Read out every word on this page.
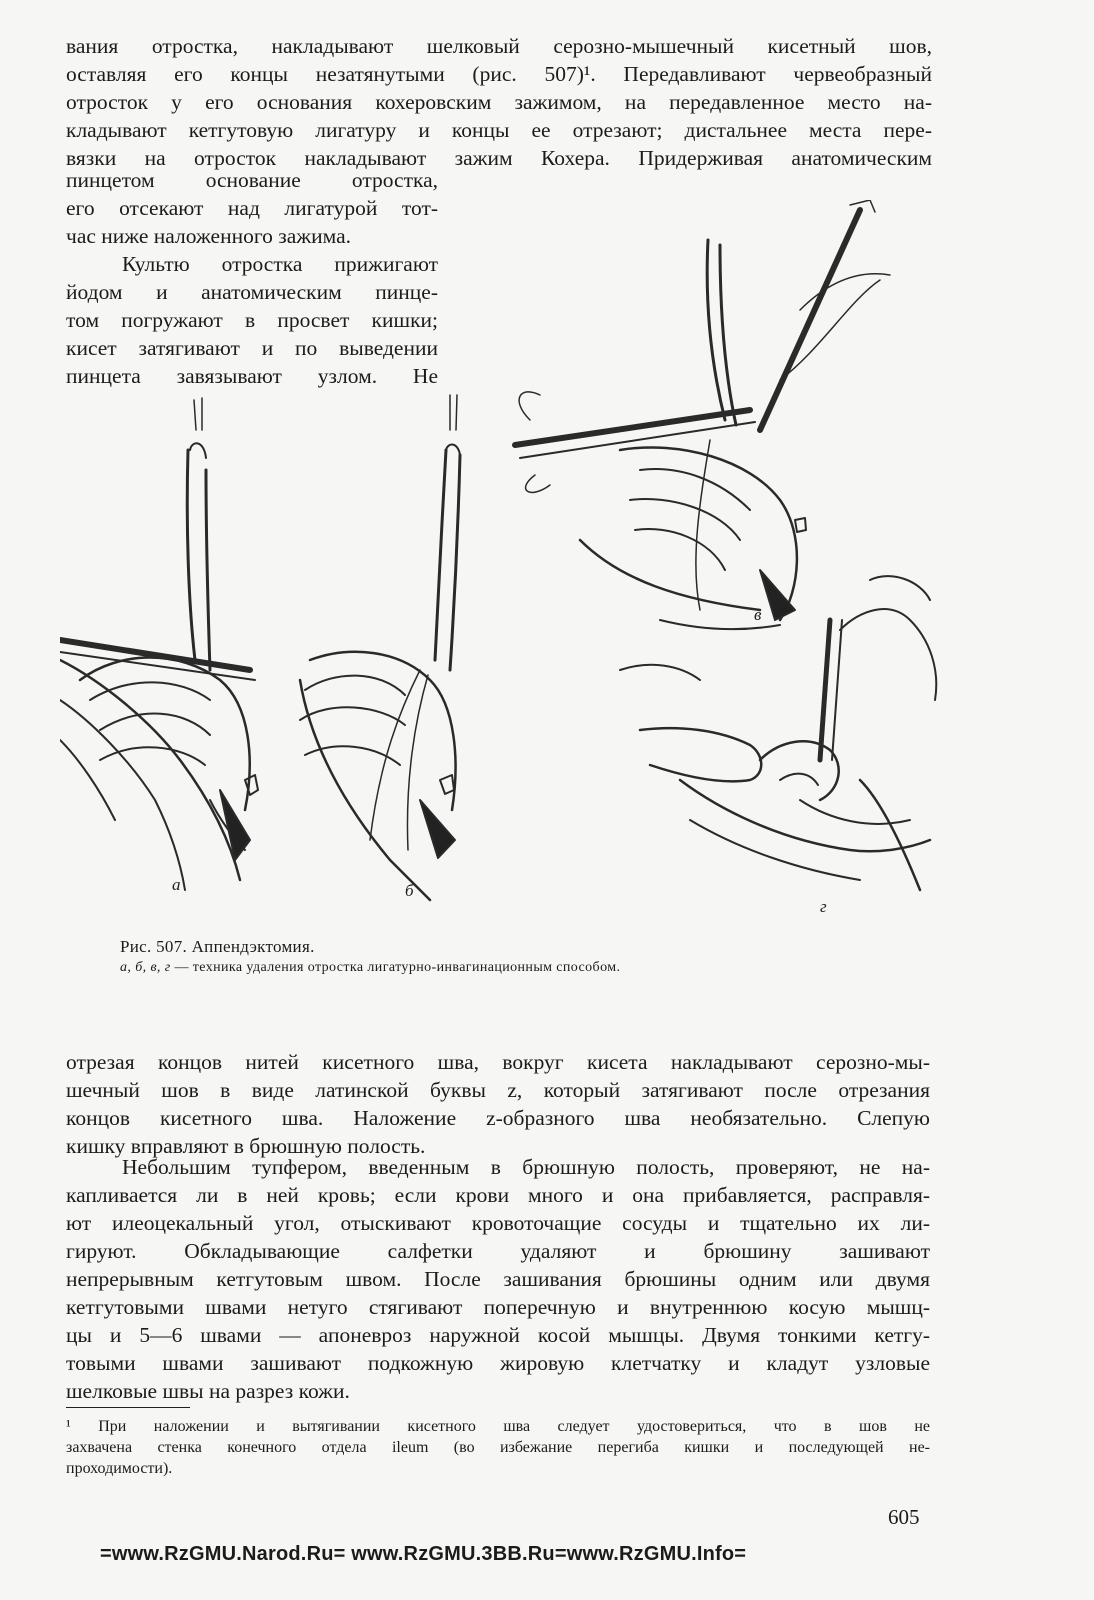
вания отростка, накладывают шелковый серозно-мышечный кисетный шов,
оставляя его концы незатянутыми (рис. 507)¹. Передавливают червеобразный
отросток у его основания кохеровским зажимом, на передавленное место на-
кладывают кетгутовую лигатуру и концы ее отрезают; дистальнее места пере-
вязки на отросток накладывают зажим Кохера. Придерживая анатомическим

пинцетом основание отростка,
его отсекают над лигатурой тот-
час ниже наложенного зажима.
Культю отростка прижигают
йодом и анатомическим пинце-
том погружают в просвет кишки;
кисет затягивают и по выведении
пинцета завязывают узлом. Не

а	б
в
г
Рис. 507. Аппендэктомия.
а, б, в, г — техника удаления отростка лигатурно-инвагинационным способом.

отрезая концов нитей кисетного шва, вокруг кисета накладывают серозно-мы-
шечный шов в виде латинской буквы z, который затягивают после отрезания
концов кисетного шва. Наложение z-образного шва необязательно. Слепую
кишку вправляют в брюшную полость.

Небольшим тупфером, введенным в брюшную полость, проверяют, не на-
капливается ли в ней кровь; если крови много и она прибавляется, расправля-
ют илеоцекальный угол, отыскивают кровоточащие сосуды и тщательно их ли-
гируют. Обкладывающие салфетки удаляют и брюшину зашивают
непрерывным кетгутовым швом. После зашивания брюшины одним или двумя
кетгутовыми швами нетуго стягивают поперечную и внутреннюю косую мышц-
цы и 5—6 швами — апоневроз наружной косой мышцы. Двумя тонкими кетгу-
товыми швами зашивают подкожную жировую клетчатку и кладут узловые
шелковые швы на разрез кожи.

¹ При наложении и вытягивании кисетного шва следует удостовериться, что в шов не
захвачена стенка конечного отдела ileum (во избежание перегиба кишки и последующей не-
проходимости).

605
=www.RzGMU.Narod.Ru= www.RzGMU.3BB.Ru=www.RzGMU.Info=
